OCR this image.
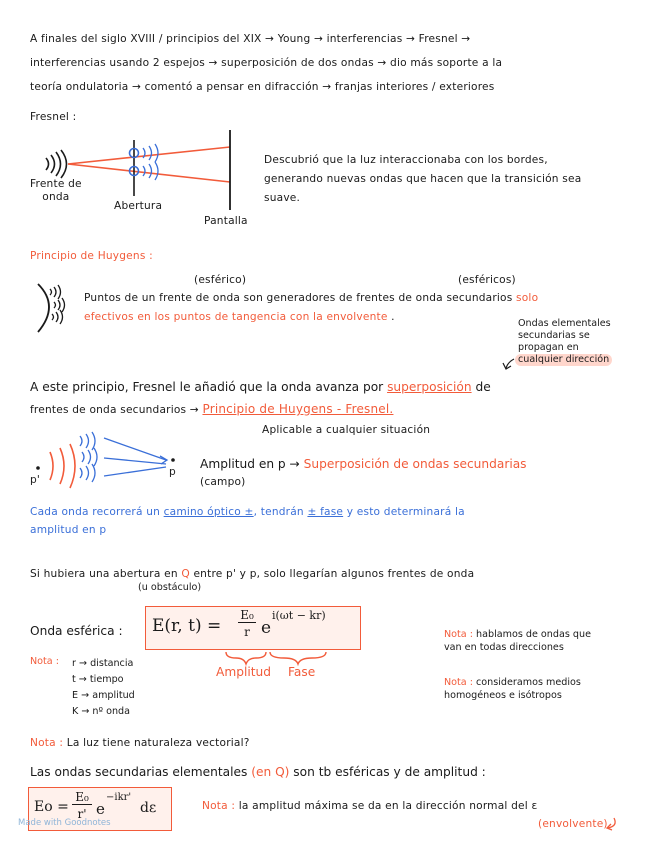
A finales del siglo XVIII / principios del XIX → Young → interferencias → Fresnel →
interferencias usando 2 espejos → superposición de dos ondas → dio más soporte a la
teoría ondulatoria → comentó a pensar en difracción → franjas interiores / exteriores
Fresnel :
Frente de
onda
Abertura
Pantalla
Descubrió que la luz interaccionaba con los bordes,
generando nuevas ondas que hacen que la transición sea
suave.
Principio de Huygens :
(esférico)	(esféricos)
Puntos de un frente de onda son generadores de frentes de onda secundarios solo
efectivos en los puntos de tangencia con la envolvente .
Ondas elementales
secundarias se
propagan en
cualquier dirección
A este principio, Fresnel le añadió que la onda avanza por superposición de
frentes de onda secundarios → Principio de Huygens - Fresnel.
Aplicable a cualquier situación
p'
p
Amplitud en p → Superposición de ondas secundarias
(campo)
Cada onda recorrerá un camino óptico ±, tendrán ± fase y esto determinará la
amplitud en p
Si hubiera una abertura en Q entre p' y p, solo llegarían algunos frentes de onda
(u obstáculo)
Onda esférica : E(r, t) =
E₀
r e
i(ωt − kr)
Amplitud Fase
Nota : r → distancia
t → tiempo
E → amplitud
K → nº onda
Nota : hablamos de ondas que
van en todas direcciones
Nota : consideramos medios
homogéneos e isótropos
Nota : La luz tiene naturaleza vectorial?
Las ondas secundarias elementales (en Q) son tb esféricas y de amplitud :
Eᴏ =
E₀
r' e
−ikr'
dε	Nota : la amplitud máxima se da en la dirección normal del ε
(envolvente)
Made with Goodnotes
